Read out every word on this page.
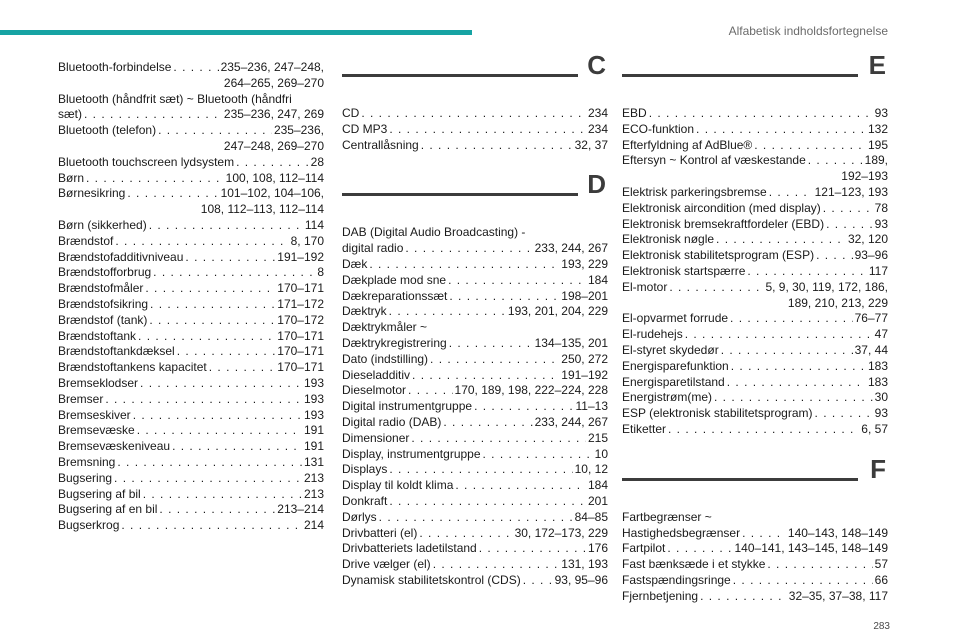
Alfabetisk indholdsfortegnelse
Bluetooth-forbindelse . . .	235–236, 247–248,
264–265, 269–270
Bluetooth (håndfrit sæt) ~ Bluetooth (håndfri
sæt) . . .	235–236, 247, 269
Bluetooth (telefon) . . .	235–236,
247–248, 269–270
Bluetooth touchscreen lydsystem . . .	28
Børn . . .	100, 108, 112–114
Børnesikring . . .	101–102, 104–106,
108, 112–113, 112–114
Børn (sikkerhed) . . .	114
Brændstof . . .	8, 170
Brændstofadditivniveau . . .	191–192
Brændstofforbrug . . .	8
Brændstofmåler . . .	170–171
Brændstofsikring . . .	171–172
Brændstof (tank) . . .	170–172
Brændstoftank . . .	170–171
Brændstoftankdæksel . . .	170–171
Brændstoftankens kapacitet . . .	170–171
Bremseklodser . . .	193
Bremser . . .	193
Bremseskiver . . .	193
Bremsevæske . . .	191
Bremsevæskeniveau . . .	191
Bremsning . . .	131
Bugsering . . .	213
Bugsering af bil . . .	213
Bugsering af en bil . . .	213–214
Bugserkrog . . .	214
C
CD . . .	234
CD MP3 . . .	234
Centrallåsning . . .	32, 37
D
DAB (Digital Audio Broadcasting) -
digital radio . . .	233, 244, 267
Dæk . . .	193, 229
Dækplade mod sne . . .	184
Dækreparationssæt . . .	198–201
Dæktryk . . .	193, 201, 204, 229
Dæktrykmåler ~
Dæktrykregistrering . . .	134–135, 201
Dato (indstilling) . . .	250, 272
Dieseladditiv . . .	191–192
Dieselmotor . . .	170, 189, 198, 222–224, 228
Digital instrumentgruppe . . .	11–13
Digital radio (DAB) . . .	233, 244, 267
Dimensioner . . .	215
Display, instrumentgruppe . . .	10
Displays . . .	10, 12
Display til koldt klima . . .	184
Donkraft . . .	201
Dørlys . . .	84–85
Drivbatteri (el) . . .	30, 172–173, 229
Drivbatteriets ladetilstand . . .	176
Drive vælger (el) . . .	131, 193
Dynamisk stabilitetskontrol (CDS) . . .	93, 95–96
E
EBD . . .	93
ECO-funktion . . .	132
Efterfyldning af AdBlue® . . .	195
Eftersyn ~ Kontrol af væskestande . . .	189,
192–193
Elektrisk parkeringsbremse . . .	121–123, 193
Elektronisk aircondition (med display) . . .	78
Elektronisk bremsekraftfordeler (EBD) . . .	93
Elektronisk nøgle . . .	32, 120
Elektronisk stabilitetsprogram (ESP) . . .	93–96
Elektronisk startspærre . . .	117
El-motor . . .	5, 9, 30, 119, 172, 186,
189, 210, 213, 229
El-opvarmet forrude . . .	76–77
El-rudehejs . . .	47
El-styret skydedør . . .	37, 44
Energisparefunktion . . .	183
Energisparetilstand . . .	183
Energistrøm(me) . . .	30
ESP (elektronisk stabilitetsprogram) . . .	93
Etiketter . . .	6, 57
F
Fartbegrænser ~
Hastighedsbegrænser . . .	140–143, 148–149
Fartpilot . . .	140–141, 143–145, 148–149
Fast bænksæde i et stykke . . .	57
Fastspændingsringe . . .	66
Fjernbetjening . . .	32–35, 37–38, 117
283
